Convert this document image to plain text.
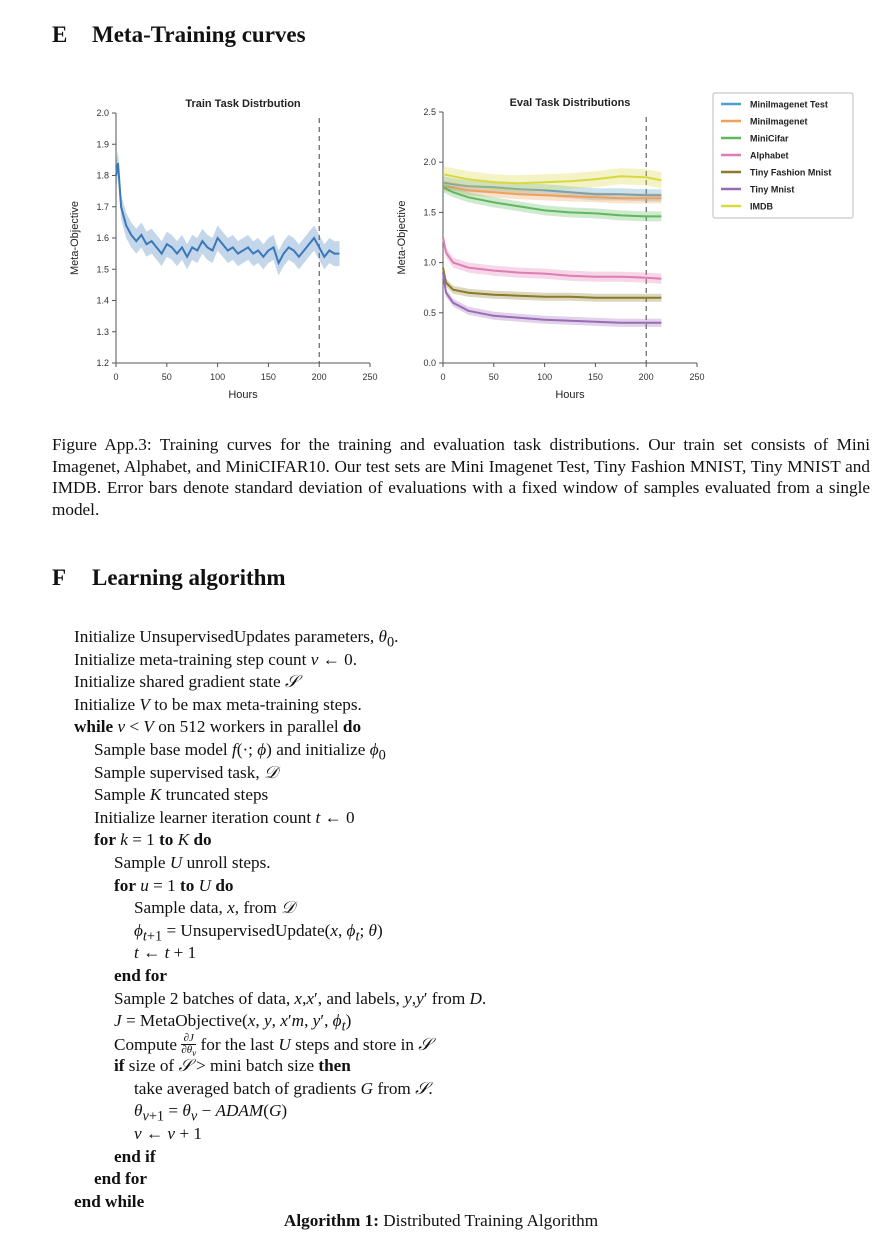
E Meta-Training curves
1.2
1.3
1.4
1.5
1.6
1.7
1.8
1.9
2.0
0	50	100	150	200	250
Train Task Distrbution
Hours
Meta-Objective
0.0
0.5
1.0
1.5
2.0
2.5
0	50	100	150	200	250
Eval Task Distributions
Hours
Meta-Objective
MiniImagenet Test
MiniImagenet
MiniCifar
Alphabet
Tiny Fashion Mnist
Tiny Mnist
IMDB
Figure App.3: Training curves for the training and evaluation task distributions. Our train set consists of Mini Imagenet, Alphabet, and MiniCIFAR10. Our test sets are Mini Imagenet Test, Tiny Fashion MNIST, Tiny MNIST and IMDB. Error bars denote standard deviation of evaluations with a fixed window of samples evaluated from a single model.
F Learning algorithm
Initialize UnsupervisedUpdates parameters, $\theta_0$.
Initialize meta-training step count v ← 0.
Initialize shared gradient state 𝒮
Initialize V to be max meta-training steps.
while v < V on 512 workers in parallel do
Sample base model f(·; ϕ) and initialize $\phi_0$
Sample supervised task, 𝒟
Sample K truncated steps
Initialize learner iteration count t ← 0
for k = 1 to K do
Sample U unroll steps.
for u = 1 to U do
Sample data, x, from 𝒟
$\phi_{t+1}$ = UnsupervisedUpdate(x, $\phi_t$; θ)
t ← t + 1
end for
Sample 2 batches of data, x,x′, and labels, y,y′ from D.
J = MetaObjective(x, y, x′m, y′, $\phi_t$)
Compute $\frac{\partial J}{\partial\theta_v}$ for the last U steps and store in 𝒮
if size of 𝒮 > mini batch size then
take averaged batch of gradients G from 𝒮.
$\theta_{v+1} = \theta_v$ − ADAM(G)
v ← v + 1
end if
end for
end while
Algorithm 1: Distributed Training Algorithm
